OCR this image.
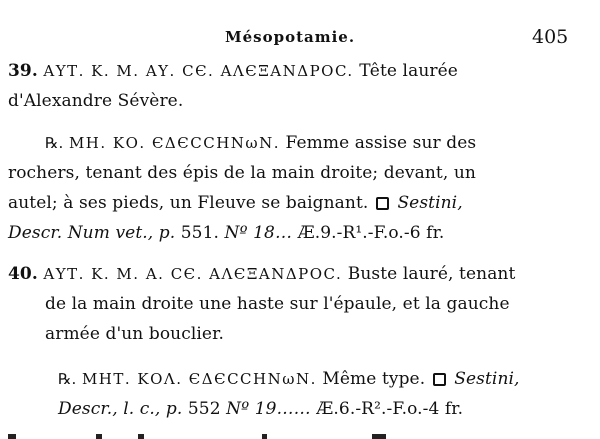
Mésopotamie.	405
39. ΑΥΤ. Κ. Μ. ΑΥ. CЄ. ΑΛЄΞΑΝΔΡΟC. Tête laurée
d'Alexandre Sévère.
℞. ΜΗ. ΚΟ. ЄΔЄCCΗΝωΝ. Femme assise sur des
rochers, tenant des épis de la main droite; devant, un
autel; à ses pieds, un Fleuve se baignant. Sestini,
Descr. Num vet., p. 551. Nº 18… Æ.9.-R¹.-F.o.-6 fr.
40. ΑΥΤ. Κ. Μ. Α. CЄ. ΑΛЄΞΑΝΔΡΟC. Buste lauré, tenant
de la main droite une haste sur l'épaule, et la gauche
armée d'un bouclier.
℞. ΜΗΤ. ΚΟΛ. ЄΔЄCCΗΝωΝ. Même type. Sestini,
Descr., l. c., p. 552 Nº 19…… Æ.6.-R².-F.o.-4 fr.
